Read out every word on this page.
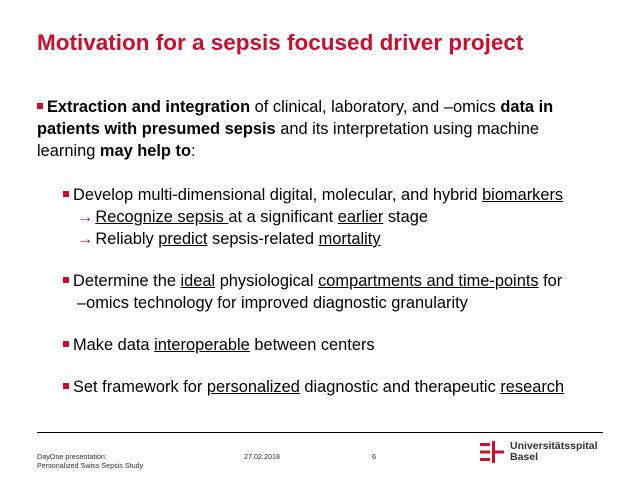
Motivation for a sepsis focused driver project
Extraction and integration of clinical, laboratory, and –omics data in
patients with presumed sepsis and its interpretation using machine
learning may help to:
Develop multi-dimensional digital, molecular, and hybrid biomarkers
→ Recognize sepsis at a significant earlier stage
→ Reliably predict sepsis-related mortality
Determine the ideal physiological compartments and time-points for
–omics technology for improved diagnostic granularity
Make data interoperable between centers
Set framework for personalized diagnostic and therapeutic research
DayOne presentation:
Personalized Swiss Sepsis Study
27.02.2018	6
Universitätsspital
Basel
